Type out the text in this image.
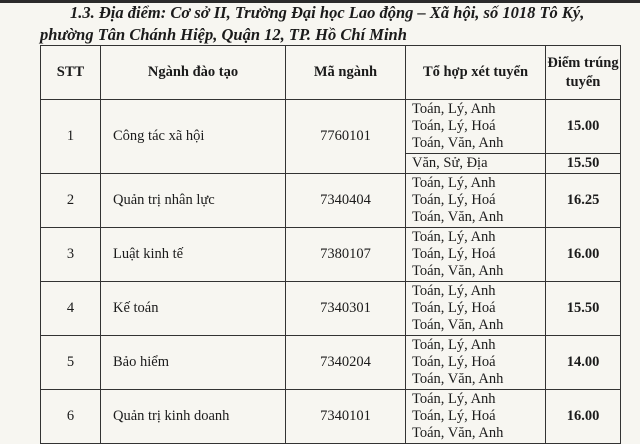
1.3. Địa điểm: Cơ sở II, Trường Đại học Lao động – Xã hội, số 1018 Tô Ký,
phường Tân Chánh Hiệp, Quận 12, TP. Hồ Chí Minh
STT	Ngành đào tạo	Mã ngành	Tổ hợp xét tuyển	Điểm trúng
tuyển

1	Công tác xã hội	7760101	Toán, Lý, Anh
Toán, Lý, Hoá
Toán, Văn, Anh	15.00

			Văn, Sử, Địa	15.50
2	Quản trị nhân lực	7340404	Toán, Lý, Anh
Toán, Lý, Hoá
Toán, Văn, Anh	16.25
3	Luật kinh tế	7380107	Toán, Lý, Anh
Toán, Lý, Hoá
Toán, Văn, Anh	16.00
4	Kế toán	7340301	Toán, Lý, Anh
Toán, Lý, Hoá
Toán, Văn, Anh	15.50
5	Bảo hiểm	7340204	Toán, Lý, Anh
Toán, Lý, Hoá
Toán, Văn, Anh	14.00
6	Quản trị kinh doanh	7340101	Toán, Lý, Anh
Toán, Lý, Hoá
Toán, Văn, Anh	16.00
